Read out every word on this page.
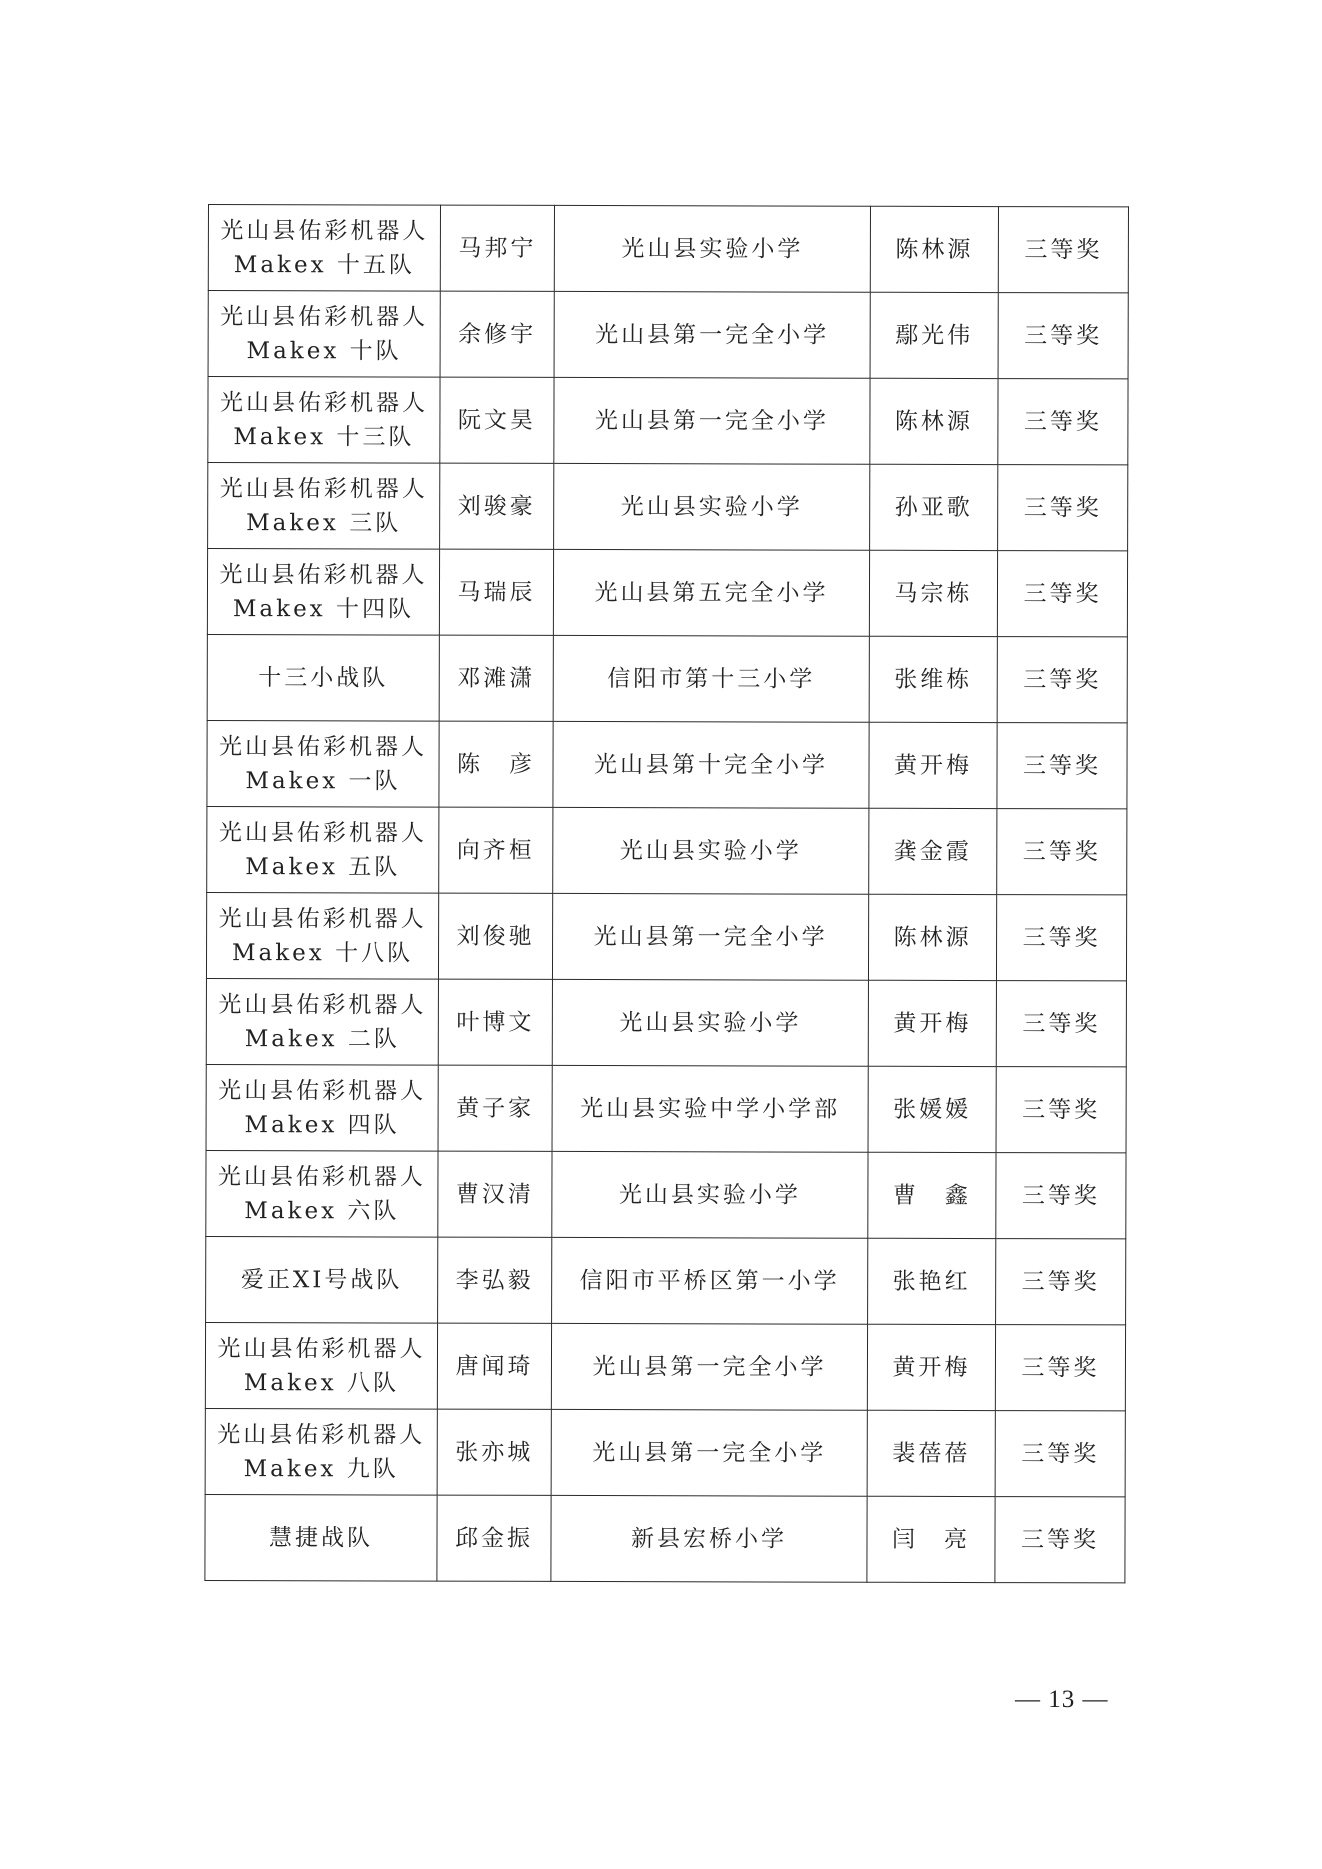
光山县佑彩机器人
Makex 十五队	马邦宁	光山县实验小学	陈林源	三等奖

光山县佑彩机器人
Makex 十队	余修宇	光山县第一完全小学	鄢光伟	三等奖

光山县佑彩机器人
Makex 十三队	阮文昊	光山县第一完全小学	陈林源	三等奖

光山县佑彩机器人
Makex 三队	刘骏豪	光山县实验小学	孙亚歌	三等奖

光山县佑彩机器人
Makex 十四队	马瑞辰	光山县第五完全小学	马宗栋	三等奖

十三小战队	邓滩潇	信阳市第十三小学	张维栋	三等奖

光山县佑彩机器人
Makex 一队	陈　彦	光山县第十完全小学	黄开梅	三等奖

光山县佑彩机器人
Makex 五队	向齐桓	光山县实验小学	龚金霞	三等奖

光山县佑彩机器人
Makex 十八队	刘俊驰	光山县第一完全小学	陈林源	三等奖

光山县佑彩机器人
Makex 二队	叶博文	光山县实验小学	黄开梅	三等奖

光山县佑彩机器人
Makex 四队	黄子家	光山县实验中学小学部	张媛媛	三等奖

光山县佑彩机器人
Makex 六队	曹汉清	光山县实验小学	曹　鑫	三等奖

爱正XI号战队	李弘毅	信阳市平桥区第一小学	张艳红	三等奖

光山县佑彩机器人
Makex 八队	唐闻琦	光山县第一完全小学	黄开梅	三等奖

光山县佑彩机器人
Makex 九队	张亦城	光山县第一完全小学	裴蓓蓓	三等奖

慧捷战队	邱金振	新县宏桥小学	闫　亮	三等奖
— 13 —
